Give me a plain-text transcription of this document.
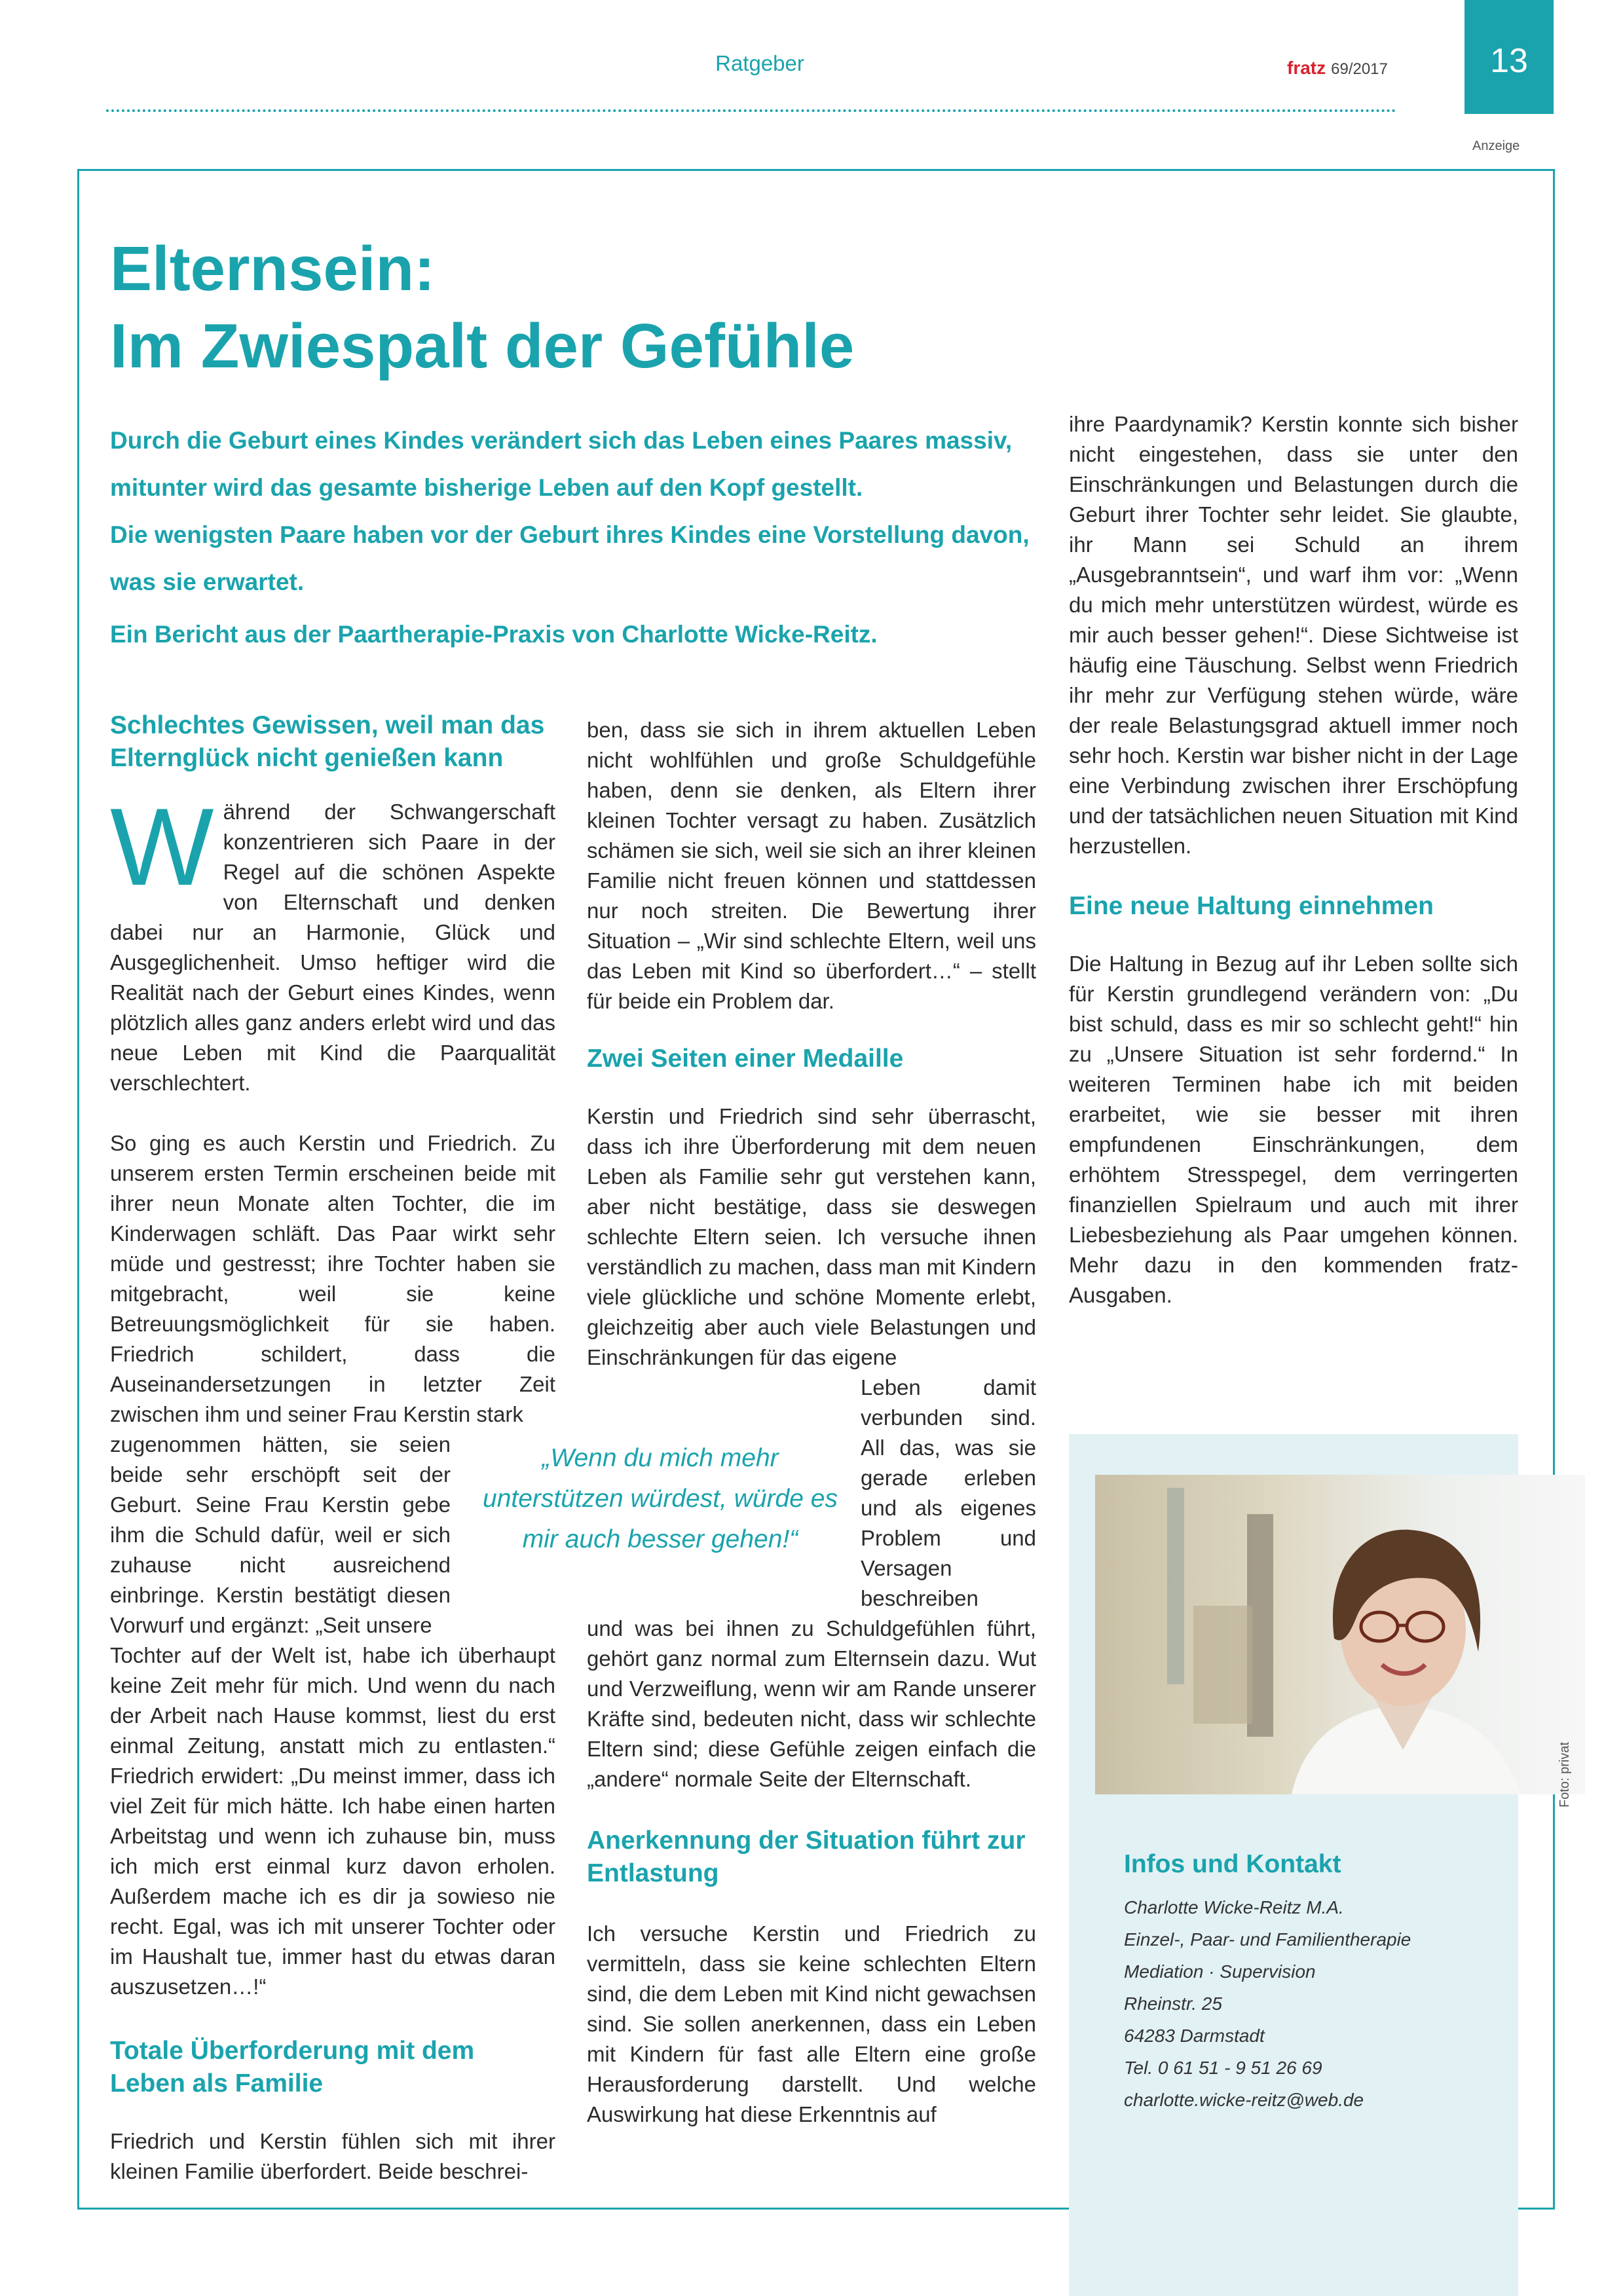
Ratgeber	fratz 69/2017	13
Anzeige
Elternsein:
Im Zwiespalt der Gefühle

Durch die Geburt eines Kindes verändert sich das Leben eines Paares massiv, mitunter wird das gesamte bisherige Leben auf den Kopf gestellt.

Die wenigsten Paare haben vor der Geburt ihres Kindes eine Vorstellung davon, was sie erwartet.

Ein Bericht aus der Paartherapie-Praxis von Charlotte Wicke-Reitz.
Schlechtes Gewissen, weil man das Elternglück nicht genießen kann

Während der Schwangerschaft konzentrieren sich Paare in der Regel auf die schönen Aspekte von Elternschaft und denken dabei nur an Harmonie, Glück und Ausgeglichenheit. Umso heftiger wird die Realität nach der Geburt eines Kindes, wenn plötzlich alles ganz anders erlebt wird und das neue Leben mit Kind die Paarqualität verschlechtert.

So ging es auch Kerstin und Friedrich. Zu unserem ersten Termin erscheinen beide mit ihrer neun Monate alten Tochter, die im Kinderwagen schläft. Das Paar wirkt sehr müde und gestresst; ihre Tochter haben sie mitgebracht, weil sie keine Betreuungsmöglichkeit für sie haben. Friedrich schildert, dass die Auseinandersetzungen in letzter Zeit zwischen ihm und seiner Frau Kerstin stark

zugenommen hätten, sie seien beide sehr erschöpft seit der Geburt. Seine Frau Kerstin gebe ihm die Schuld dafür, weil er sich zuhause nicht ausreichend einbringe. Kerstin bestätigt diesen Vorwurf und ergänzt: „Seit unsere

Tochter auf der Welt ist, habe ich überhaupt keine Zeit mehr für mich. Und wenn du nach der Arbeit nach Hause kommst, liest du erst einmal Zeitung, anstatt mich zu entlasten.“ Friedrich erwidert: „Du meinst immer, dass ich viel Zeit für mich hätte. Ich habe einen harten Arbeitstag und wenn ich zuhause bin, muss ich mich erst einmal kurz davon erholen. Außerdem mache ich es dir ja sowieso nie recht. Egal, was ich mit unserer Tochter oder im Haushalt tue, immer hast du etwas daran auszusetzen…!“

Totale Überforderung mit dem Leben als Familie

Friedrich und Kerstin fühlen sich mit ihrer kleinen Familie überfordert. Beide beschrei-

ben, dass sie sich in ihrem aktuellen Leben nicht wohlfühlen und große Schuldgefühle haben, denn sie denken, als Eltern ihrer kleinen Tochter versagt zu haben. Zusätzlich schämen sie sich, weil sie sich an ihrer kleinen Familie nicht freuen können und stattdessen nur noch streiten. Die Bewertung ihrer Situation – „Wir sind schlechte Eltern, weil uns das Leben mit Kind so überfordert…“ – stellt für beide ein Problem dar.

Zwei Seiten einer Medaille

Kerstin und Friedrich sind sehr überrascht, dass ich ihre Überforderung mit dem neuen Leben als Familie sehr gut verstehen kann, aber nicht bestätige, dass sie deswegen schlechte Eltern seien. Ich versuche ihnen verständlich zu machen, dass man mit Kindern viele glückliche und schöne Momente erlebt, gleichzeitig aber auch viele Belastungen und Einschränkungen für das eigene

Leben damit verbunden sind. All das, was sie gerade erleben und als eigenes Problem und Versagen beschreiben

und was bei ihnen zu Schuldgefühlen führt, gehört ganz normal zum Elternsein dazu. Wut und Verzweiflung, wenn wir am Rande unserer Kräfte sind, bedeuten nicht, dass wir schlechte Eltern sind; diese Gefühle zeigen einfach die „andere“ normale Seite der Elternschaft.

Anerkennung der Situation führt zur Entlastung

Ich versuche Kerstin und Friedrich zu vermitteln, dass sie keine schlechten Eltern sind, die dem Leben mit Kind nicht gewachsen sind. Sie sollen anerkennen, dass ein Leben mit Kindern für fast alle Eltern eine große Herausforderung darstellt. Und welche Auswirkung hat diese Erkenntnis auf

„Wenn du mich mehr unterstützen würdest, würde es mir auch besser gehen!“

ihre Paardynamik? Kerstin konnte sich bisher nicht eingestehen, dass sie unter den Einschränkungen und Belastungen durch die Geburt ihrer Tochter sehr leidet. Sie glaubte, ihr Mann sei Schuld an ihrem „Ausgebranntsein“, und warf ihm vor: „Wenn du mich mehr unterstützen würdest, würde es mir auch besser gehen!“. Diese Sichtweise ist häufig eine Täuschung. Selbst wenn Friedrich ihr mehr zur Verfügung stehen würde, wäre der reale Belastungsgrad aktuell immer noch sehr hoch. Kerstin war bisher nicht in der Lage eine Verbindung zwischen ihrer Erschöpfung und der tatsächlichen neuen Situation mit Kind herzustellen.

Eine neue Haltung einnehmen

Die Haltung in Bezug auf ihr Leben sollte sich für Kerstin grundlegend verändern von: „Du bist schuld, dass es mir so schlecht geht!“ hin zu „Unsere Situation ist sehr fordernd.“ In weiteren Terminen habe ich mit beiden erarbeitet, wie sie besser mit ihren empfundenen Einschränkungen, dem erhöhtem Stresspegel, dem verringerten finanziellen Spielraum und auch mit ihrer Liebesbeziehung als Paar umgehen können. Mehr dazu in den kommenden fratz-Ausgaben.

Foto: privat
Infos und Kontakt
Charlotte Wicke-Reitz M.A.
Einzel-, Paar- und Familientherapie
Mediation · Supervision
Rheinstr. 25
64283 Darmstadt
Tel. 0 61 51 - 9 51 26 69
charlotte.wicke-reitz@web.de
